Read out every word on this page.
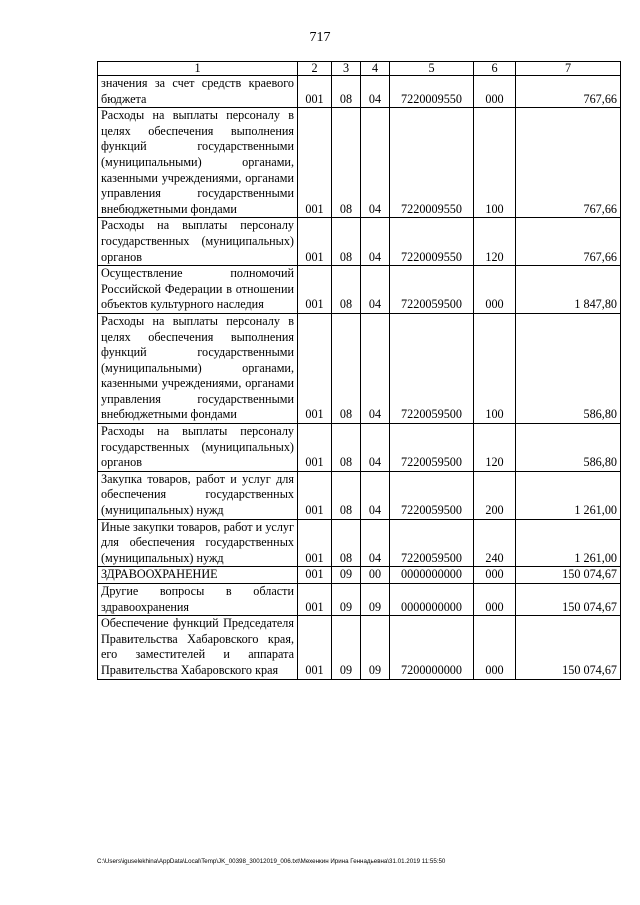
717
1	2	3	4	5	6	7
значения за счет средств краевого бюджета	001	08	04	7220009550	000	767,66
Расходы на выплаты персоналу в целях обеспечения выполнения функций государственными (муниципальными) органами, казенными учреждениями, органами управления государственными внебюджетными фондами	001	08	04	7220009550	100	767,66
Расходы на выплаты персоналу государственных (муниципальных) органов	001	08	04	7220009550	120	767,66
Осуществление полномочий Российской Федерации в отношении объектов культурного наследия	001	08	04	7220059500	000	1 847,80
Расходы на выплаты персоналу в целях обеспечения выполнения функций государственными (муниципальными) органами, казенными учреждениями, органами управления государственными внебюджетными фондами	001	08	04	7220059500	100	586,80
Расходы на выплаты персоналу государственных (муниципальных) органов	001	08	04	7220059500	120	586,80
Закупка товаров, работ и услуг для обеспечения государственных (муниципальных) нужд	001	08	04	7220059500	200	1 261,00
Иные закупки товаров, работ и услуг для обеспечения государственных (муниципальных) нужд	001	08	04	7220059500	240	1 261,00
ЗДРАВООХРАНЕНИЕ	001	09	00	0000000000	000	150 074,67
Другие вопросы в области здравоохранения	001	09	09	0000000000	000	150 074,67
Обеспечение функций Председателя Правительства Хабаровского края, его заместителей и аппарата Правительства Хабаровского края	001	09	09	7200000000	000	150 074,67
C:\Users\iguselekhina\AppData\Local\Temp\JK_00398_30012019_006.txt\Мехенкин Ирина Геннадьевна\31.01.2019 11:55:50
